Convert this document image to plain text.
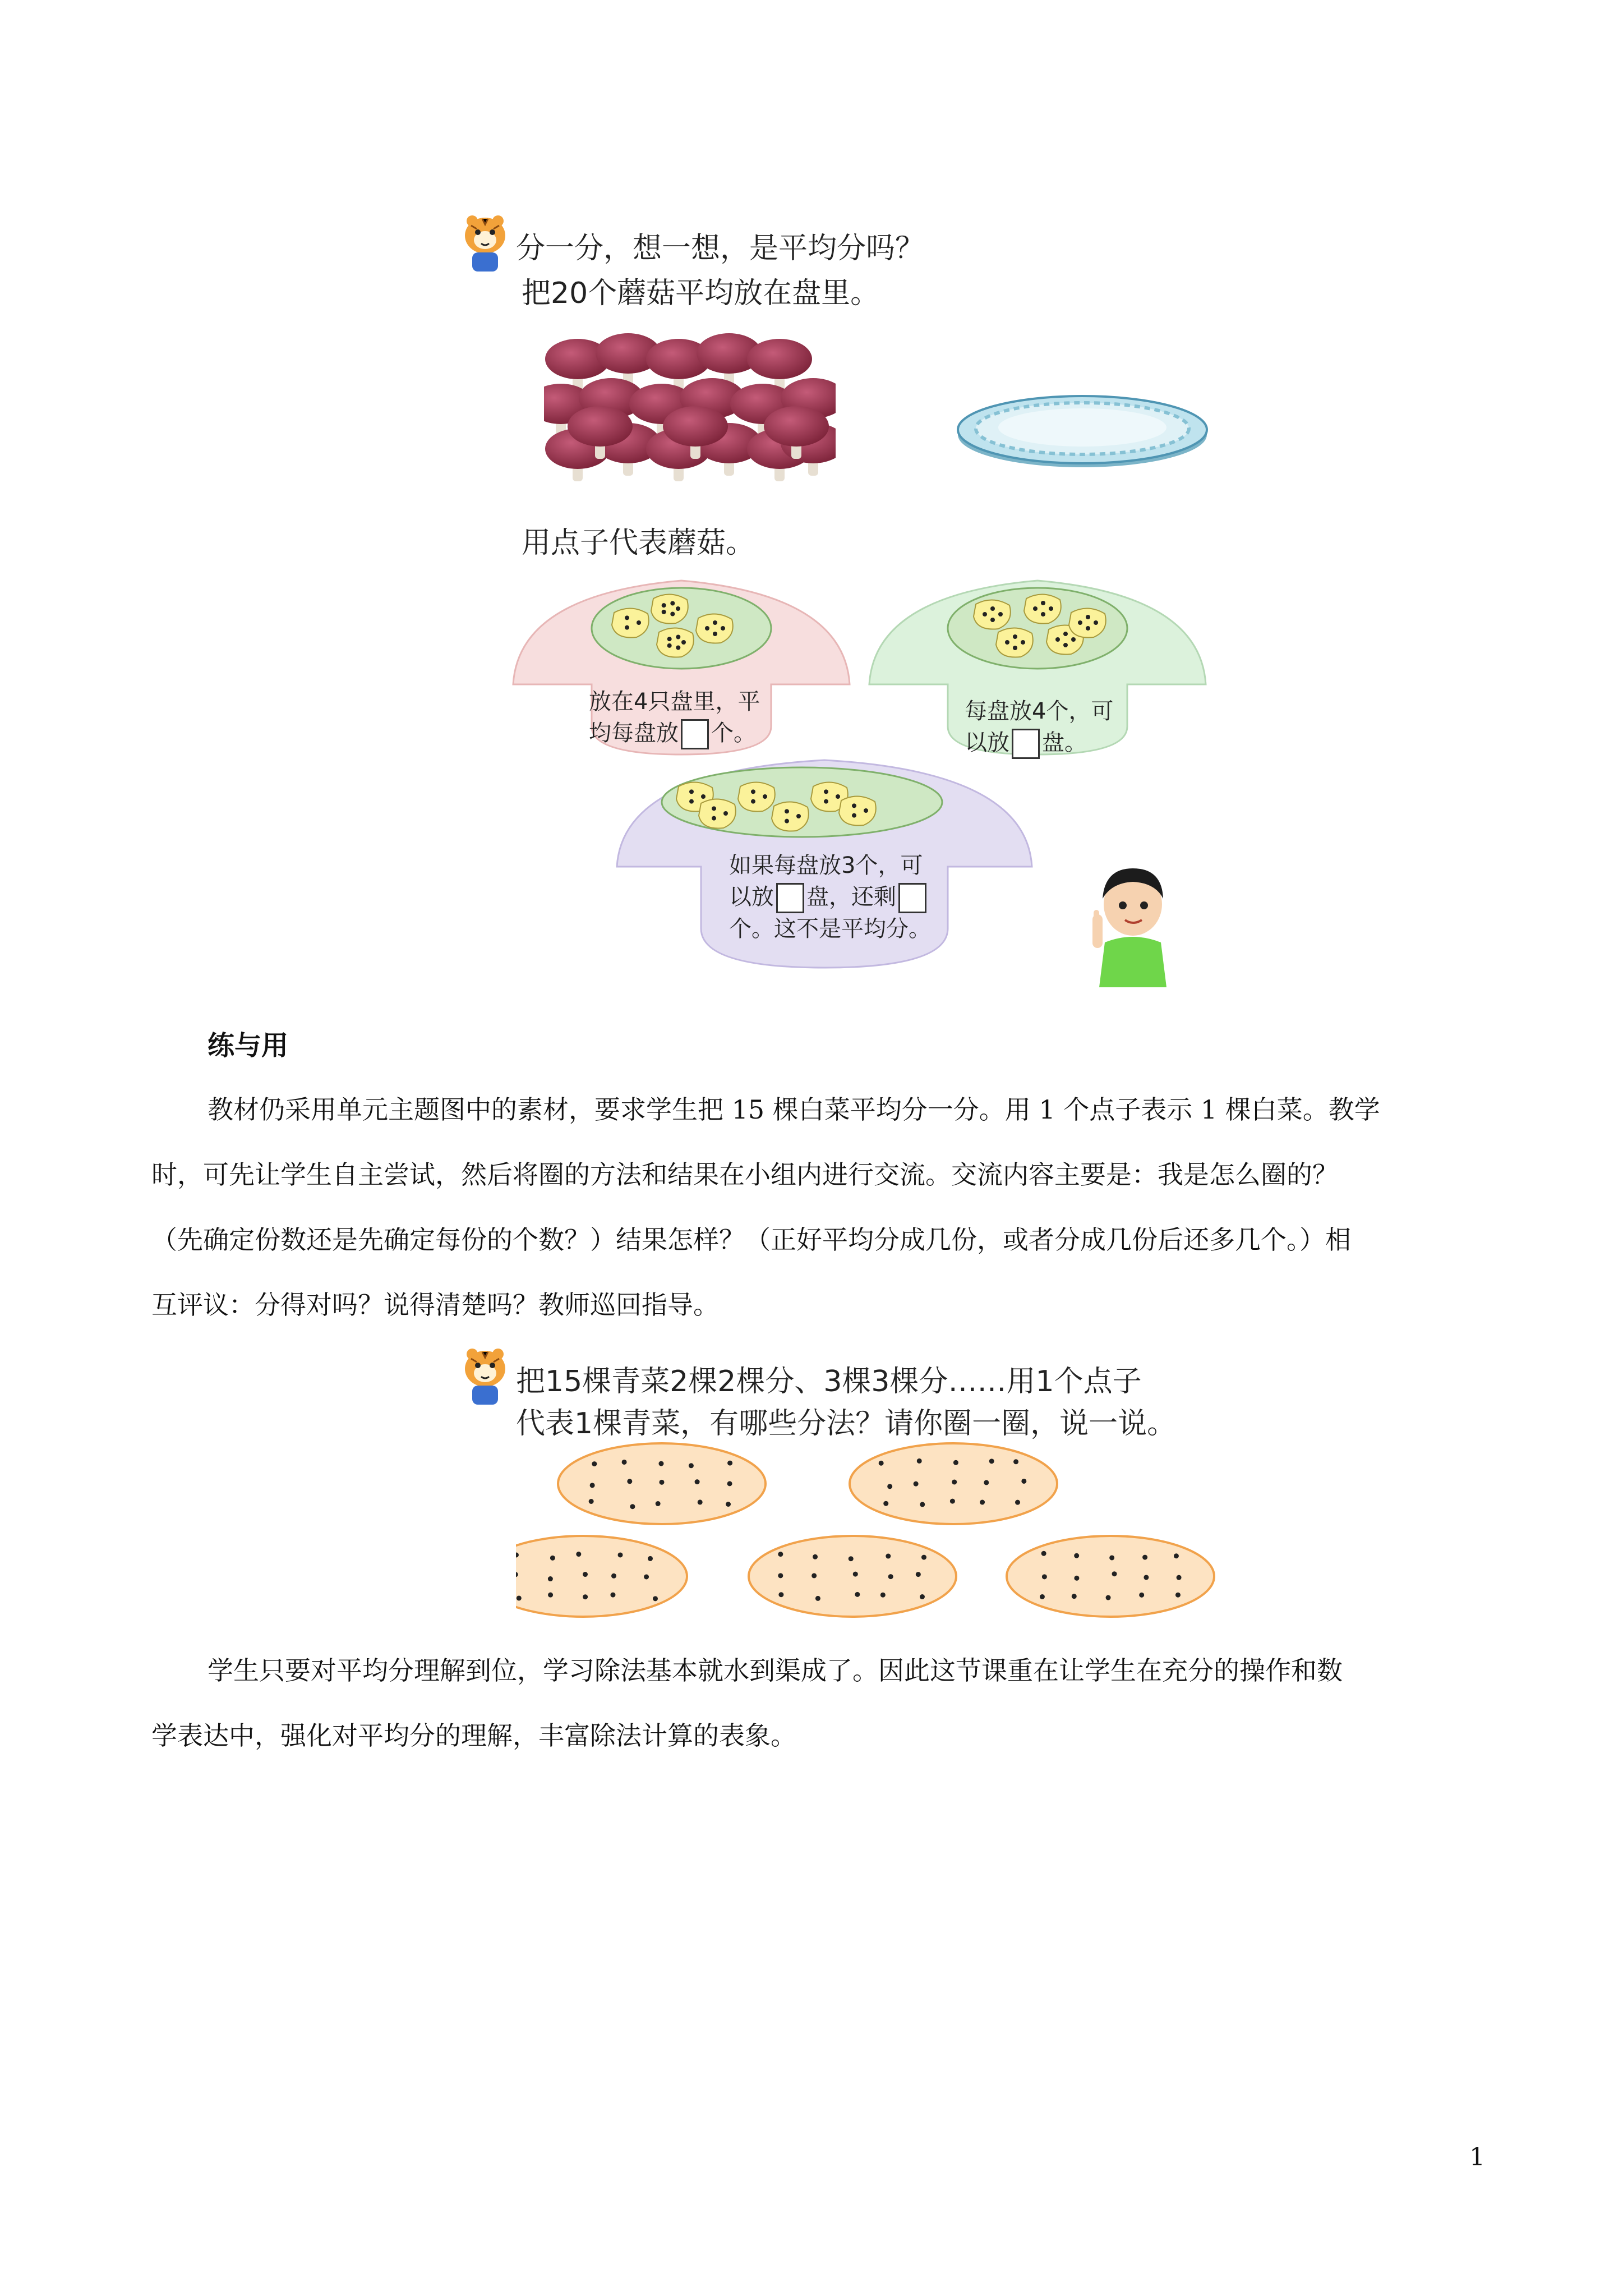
分一分，想一想，是平均分吗？
把20个蘑菇平均放在盘里。
用点子代表蘑菇。
放在4只盘里，平
均每盘放 个。
每盘放4个，可
以放 盘。
如果每盘放3个，可
以放 盘，还剩
个。这不是平均分。
练与用
教材仍采用单元主题图中的素材，要求学生把 15 棵白菜平均分一分。用 1 个点子表示 1 棵白菜。教学
时，可先让学生自主尝试，然后将圈的方法和结果在小组内进行交流。交流内容主要是：我是怎么圈的？
（先确定份数还是先确定每份的个数？）结果怎样？（正好平均分成几份，或者分成几份后还多几个。）相
互评议：分得对吗？说得清楚吗？教师巡回指导。
把15棵青菜2棵2棵分、3棵3棵分……用1个点子
代表1棵青菜，有哪些分法？请你圈一圈，说一说。
学生只要对平均分理解到位，学习除法基本就水到渠成了。因此这节课重在让学生在充分的操作和数
学表达中，强化对平均分的理解，丰富除法计算的表象。
1
